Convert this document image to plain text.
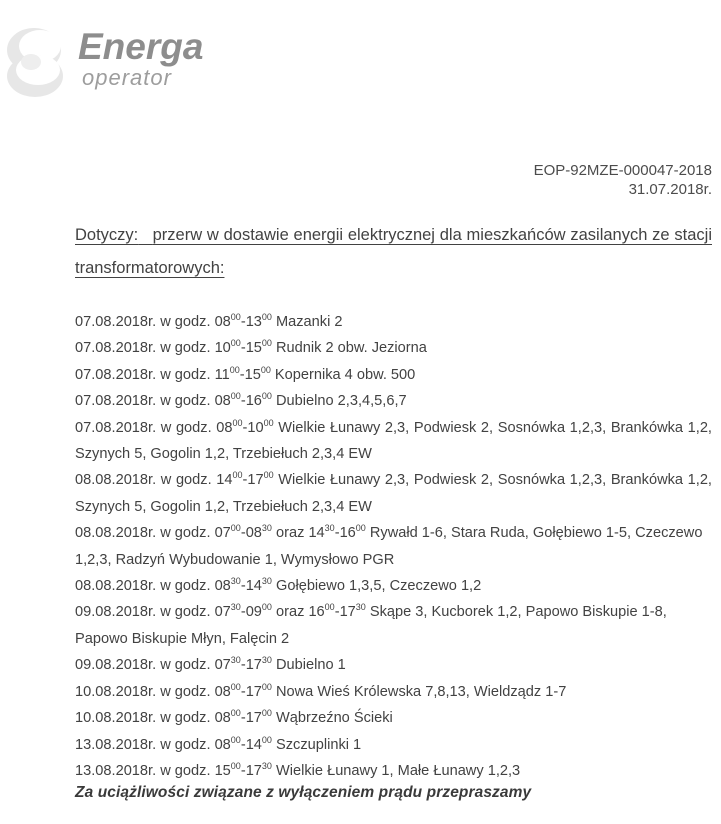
Energa
operator
EOP-92MZE-000047-2018
31.07.2018r.

Dotyczy: przerw w dostawie energii elektrycznej dla mieszkańców zasilanych ze stacji transformatorowych:

07.08.2018r. w godz. $08^{00}-13^{00}$ Mazanki 2

07.08.2018r. w godz. $10^{00}-15^{00}$ Rudnik 2 obw. Jeziorna

07.08.2018r. w godz. $11^{00}-15^{00}$ Kopernika 4 obw. 500

07.08.2018r. w godz. $08^{00}-16^{00}$ Dubielno 2,3,4,5,6,7

07.08.2018r. w godz. $08^{00}-10^{00}$ Wielkie Łunawy 2,3, Podwiesk 2, Sosnówka 1,2,3, Brankówka 1,2, Szynych 5, Gogolin 1,2, Trzebiełuch 2,3,4 EW

08.08.2018r. w godz. $14^{00}-17^{00}$ Wielkie Łunawy 2,3, Podwiesk 2, Sosnówka 1,2,3, Brankówka 1,2, Szynych 5, Gogolin 1,2, Trzebiełuch 2,3,4 EW

08.08.2018r. w godz. $07^{00}-08^{30}$ oraz $14^{30}-16^{00}$ Rywałd 1-6, Stara Ruda, Gołębiewo 1-5, Czeczewo 1,2,3, Radzyń Wybudowanie 1, Wymysłowo PGR

08.08.2018r. w godz. $08^{30}-14^{30}$ Gołębiewo 1,3,5, Czeczewo 1,2

09.08.2018r. w godz. $07^{30}-09^{00}$ oraz $16^{00}-17^{30}$ Skąpe 3, Kucborek 1,2, Papowo Biskupie 1-8, Papowo Biskupie Młyn, Falęcin 2

09.08.2018r. w godz. $07^{30}-17^{30}$ Dubielno 1

10.08.2018r. w godz. $08^{00}-17^{00}$ Nowa Wieś Królewska 7,8,13, Wieldządz 1-7

10.08.2018r. w godz. $08^{00}-17^{00}$ Wąbrzeźno Ścieki

13.08.2018r. w godz. $08^{00}-14^{00}$ Szczuplinki 1

13.08.2018r. w godz. $15^{00}-17^{30}$ Wielkie Łunawy 1, Małe Łunawy 1,2,3

Za uciążliwości związane z wyłączeniem prądu przepraszamy
